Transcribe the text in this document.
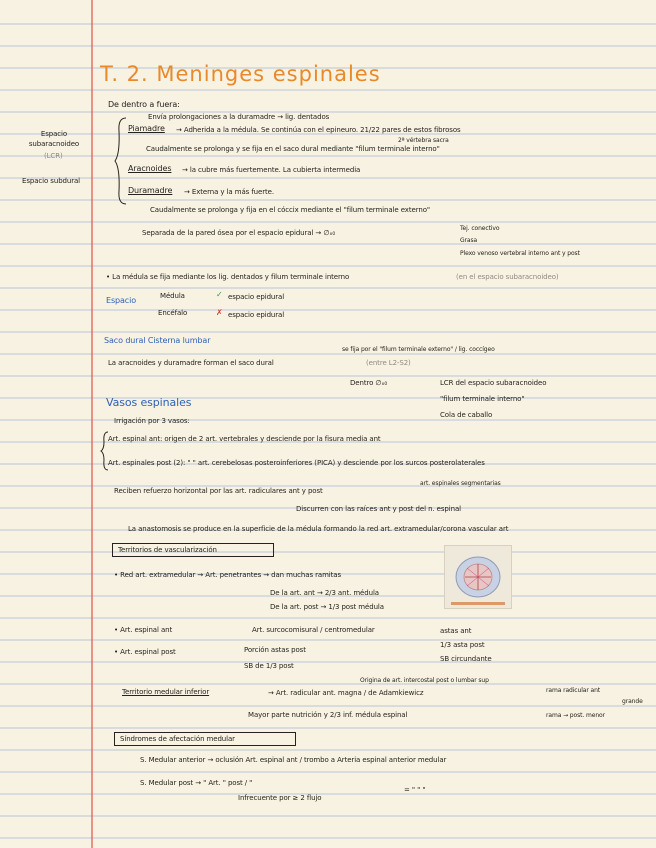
T. 2. Meninges espinales
De dentro a fuera:
Espacio subaracnoideo
(LCR)
Espacio subdural
Envía prolongaciones a la duramadre → lig. dentados
Piamadre → Adherida a la médula. Se continúa con el epineuro. 21/22 pares de estos fibrosos
2ª vértebra sacra
Caudalmente se prolonga y se fija en el saco dural mediante "filum terminale interno"
Aracnoides → la cubre más fuertemente. La cubierta intermedia
Duramadre → Externa y la más fuerte.
Caudalmente se prolonga y fija en el cóccix mediante el "filum terminale externo"
Separada de la pared ósea por el espacio epidural → ∅ₓ₀
Tej. conectivo
Grasa
Plexo venoso vertebral interno ant y post
• La médula se fija mediante los lig. dentados y filum terminale interno	(en el espacio subaracnoideo)
Espacio	Médula	✓ espacio epidural
Encéfalo	✗ espacio epidural
Saco dural Cisterna lumbar
se fija por el "filum terminale externo" / lig. coccígeo
La aracnoides y duramadre forman el saco dural	(entre L2-S2)
Dentro ∅ₓ₀	LCR del espacio subaracnoideo
"filum terminale interno"
Cola de caballo
Vasos espinales
Irrigación por 3 vasos:
Art. espinal ant: origen de 2 art. vertebrales y desciende por la fisura media ant
Art. espinales post (2): " " art. cerebelosas posteroinferiores (PICA) y desciende por los surcos posterolaterales
Reciben refuerzo horizontal por las art. radiculares ant y post
art. espinales segmentarias
Discurren con las raíces ant y post del n. espinal
La anastomosis se produce en la superficie de la médula formando la red art. extramedular/corona vascular art
Territorios de vascularización
• Red art. extramedular → Art. penetrantes → dan muchas ramitas
De la art. ant → 2/3 ant. médula
De la art. post → 1/3 post médula
• Art. espinal ant	Art. surcocomisural / centromedular	astas ant
1/3 asta post
SB circundante
• Art. espinal post	Porción astas post
SB de 1/3 post
Origina de art. intercostal post o lumbar sup
Territorio medular inferior	→ Art. radicular ant. magna / de Adamkiewicz	rama radicular ant
grande
rama → post. menor
Mayor parte nutrición y 2/3 inf. médula espinal
Síndromes de afectación medular
S. Medular anterior → oclusión Art. espinal ant / trombo a Arteria espinal anterior medular
S. Medular post → " Art. " post / "
= " " "
Infrecuente por ≥ 2 flujo
